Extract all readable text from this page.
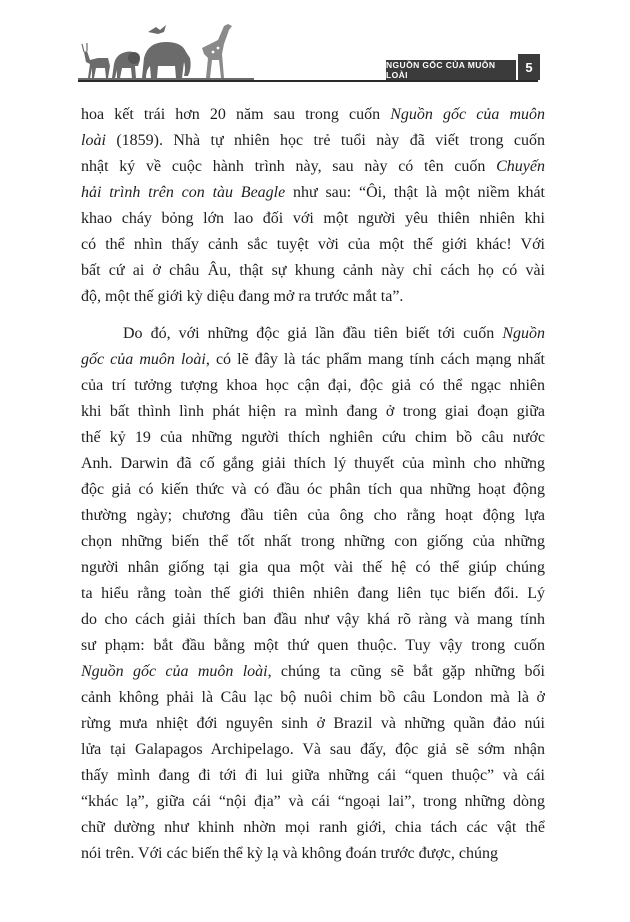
NGUỒN GỐC CỦA MUÔN LOÀI
5
hoa kết trái hơn 20 năm sau trong cuốn Nguồn gốc của muôn
loài (1859). Nhà tự nhiên học trẻ tuổi này đã viết trong cuốn
nhật ký về cuộc hành trình này, sau này có tên cuốn Chuyến
hải trình trên con tàu Beagle như sau: “Ôi, thật là một niềm khát
khao cháy bỏng lớn lao đối với một người yêu thiên nhiên khi
có thể nhìn thấy cảnh sắc tuyệt vời của một thế giới khác! Với
bất cứ ai ở châu Âu, thật sự khung cảnh này chỉ cách họ có vài
độ, một thế giới kỳ diệu đang mở ra trước mắt ta”.
Do đó, với những độc giả lần đầu tiên biết tới cuốn Nguồn
gốc của muôn loài, có lẽ đây là tác phẩm mang tính cách mạng nhất
của trí tưởng tượng khoa học cận đại, độc giả có thể ngạc nhiên
khi bất thình lình phát hiện ra mình đang ở trong giai đoạn giữa
thế kỷ 19 của những người thích nghiên cứu chim bồ câu nước
Anh. Darwin đã cố gắng giải thích lý thuyết của mình cho những
độc giả có kiến thức và có đầu óc phân tích qua những hoạt động
thường ngày; chương đầu tiên của ông cho rằng hoạt động lựa
chọn những biến thể tốt nhất trong những con giống của những
người nhân giống tại gia qua một vài thế hệ có thể giúp chúng
ta hiểu rằng toàn thế giới thiên nhiên đang liên tục biến đổi. Lý
do cho cách giải thích ban đầu như vậy khá rõ ràng và mang tính
sư phạm: bắt đầu bằng một thứ quen thuộc. Tuy vậy trong cuốn
Nguồn gốc của muôn loài, chúng ta cũng sẽ bắt gặp những bối
cảnh không phải là Câu lạc bộ nuôi chim bồ câu London mà là ở
rừng mưa nhiệt đới nguyên sinh ở Brazil và những quần đảo núi
lửa tại Galapagos Archipelago. Và sau đấy, độc giả sẽ sớm nhận
thấy mình đang đi tới đi lui giữa những cái “quen thuộc” và cái
“khác lạ”, giữa cái “nội địa” và cái “ngoại lai”, trong những dòng
chữ dường như khinh nhờn mọi ranh giới, chia tách các vật thể
nói trên. Với các biến thể kỳ lạ và không đoán trước được, chúng
